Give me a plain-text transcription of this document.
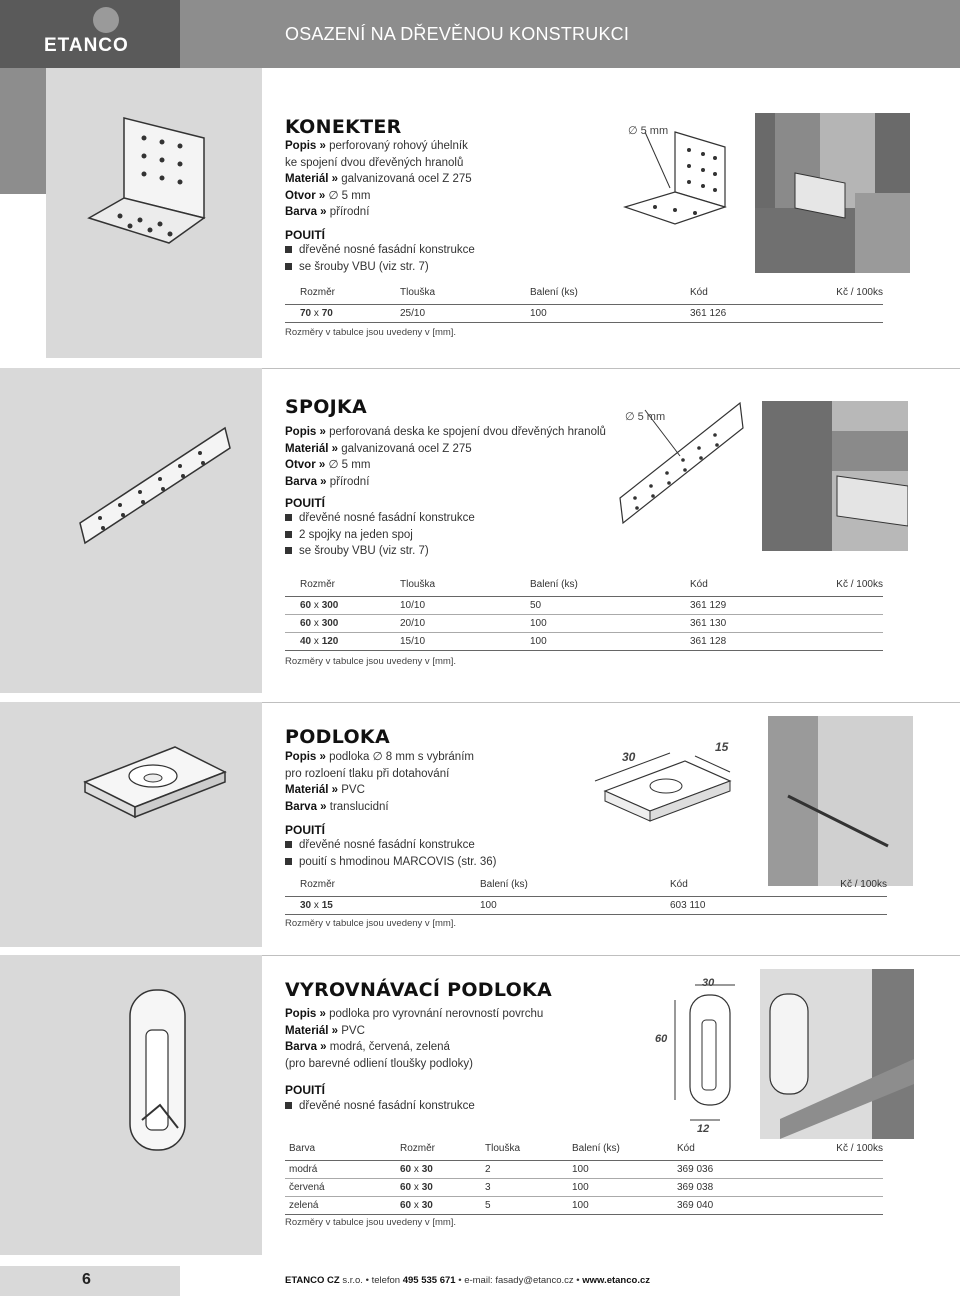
ETANCO
OSAZENÍ NA DŘEVĚNOU KONSTRUKCI
KONEKTER
Popis » perforovaný rohový úhelník
ke spojení dvou dřevěných hranolů
Materiál » galvanizovaná ocel Z 275
Otvor » ∅ 5 mm
Barva » přírodní
POUITÍ
dřevěné nosné fasádní konstrukce
se šrouby VBU (viz str. 7)
∅ 5 mm
	Rozměr	Tlouška	Balení (ks)	Kód	Kč / 100ks
	70 x 70	25/10	100	361 126	
Rozměry v tabulce jsou uvedeny v [mm].
SPOJKA
Popis » perforovaná deska ke spojení dvou dřevěných hranolů
Materiál » galvanizovaná ocel Z 275
Otvor » ∅ 5 mm
Barva » přírodní
POUITÍ
dřevěné nosné fasádní konstrukce
2 spojky na jeden spoj
se šrouby VBU (viz str. 7)
∅ 5 mm
	Rozměr	Tlouška	Balení (ks)	Kód	Kč / 100ks
	60 x 300	10/10	50	361 129	
	60 x 300	20/10	100	361 130	
	40 x 120	15/10	100	361 128	
Rozměry v tabulce jsou uvedeny v [mm].
PODLOKA
Popis » podloka ∅ 8 mm s vybráním
pro rozloení tlaku při dotahování
Materiál » PVC
Barva » translucidní
POUITÍ
dřevěné nosné fasádní konstrukce
pouití s hmodinou MARCOVIS (str. 36)
30
15
	Rozměr	Balení (ks)	Kód	Kč / 100ks
	30 x 15	100	603 110	
Rozměry v tabulce jsou uvedeny v [mm].
VYROVNÁVACÍ PODLOKA
Popis » podloka pro vyrovnání nerovností povrchu
Materiál » PVC
Barva » modrá, červená, zelená
(pro barevné odliení tloušky podloky)
POUITÍ
dřevěné nosné fasádní konstrukce
30
60
12
Barva	Rozměr	Tlouška	Balení (ks)	Kód	Kč / 100ks
modrá	60 x 30	2	100	369 036	
červená	60 x 30	3	100	369 038	
zelená	60 x 30	5	100	369 040	
Rozměry v tabulce jsou uvedeny v [mm].
6	ETANCO CZ s.r.o. • telefon 495 535 671 • e-mail: fasady@etanco.cz • www.etanco.cz
